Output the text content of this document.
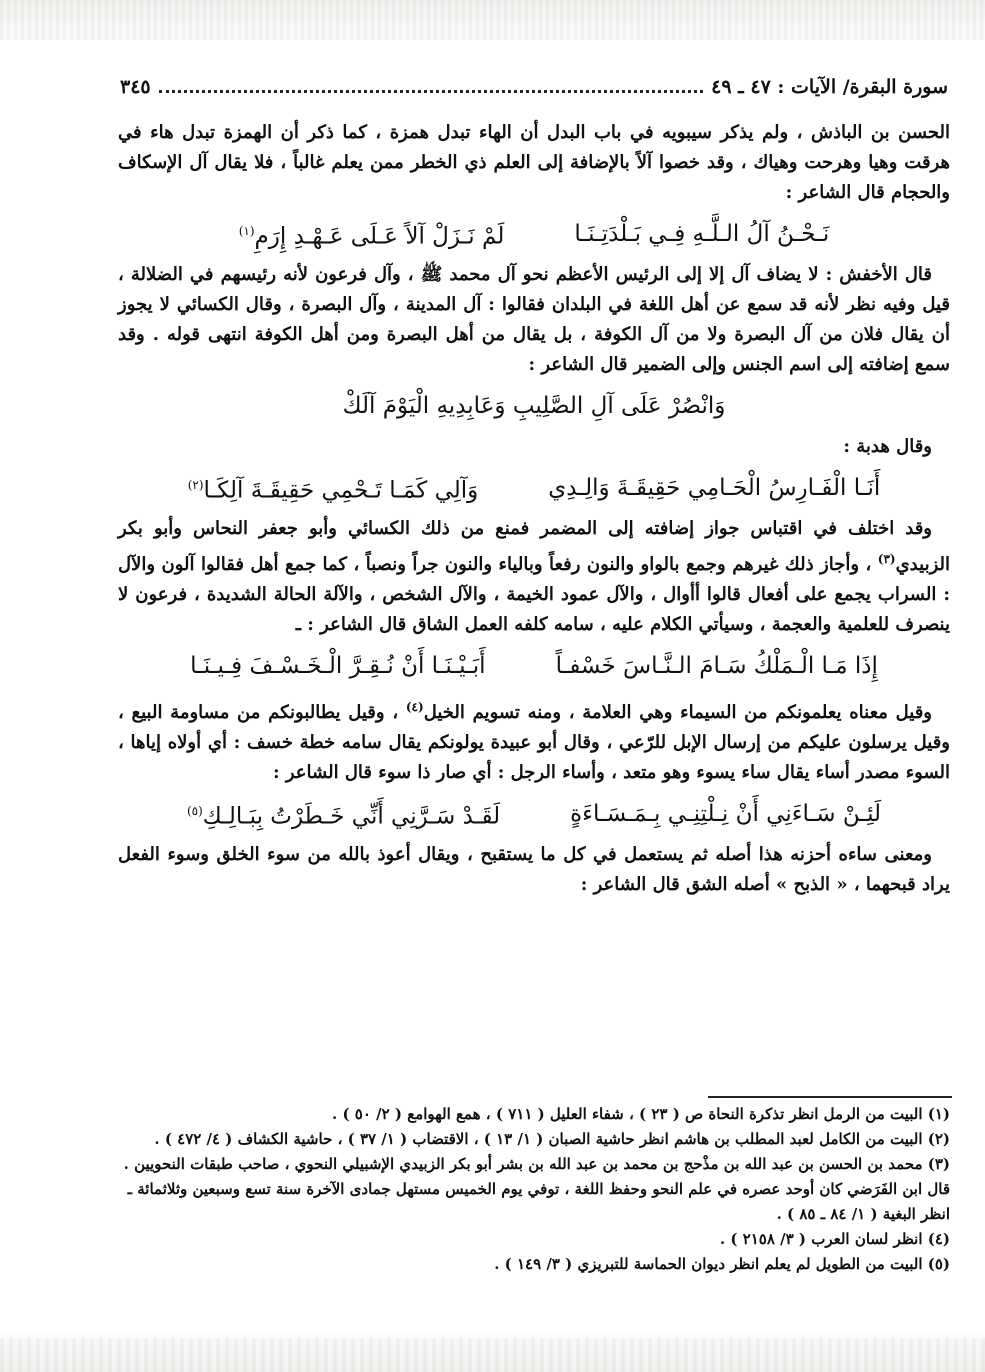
سورة البقرة/ الآيات : ٤٧ ـ ٤٩
٣٤٥

الحسن بن الباذش ، ولم يذكر سيبويه في باب البدل أن الهاء تبدل همزة ، كما ذكر أن الهمزة تبدل هاء في هرقت وهيا وهرحت وهياك ، وقد خصوا آلاً بالإضافة إلى العلم ذي الخطر ممن يعلم غالباً ، فلا يقال آل الإسكاف والحجام قال الشاعر :

نَـحْـنُ آلُ الـلَّـهِ فِـي بَـلْدَتِـنَـا
لَمْ نَـزَلْ آلاً عَـلَى عَـهْـدِ إِرَمِ$^{(١)}$

قال الأخفش : لا يضاف آل إلا إلى الرئيس الأعظم نحو آل محمد ﷺ ، وآل فرعون لأنه رئيسهم في الضلالة ، قيل وفيه نظر لأنه قد سمع عن أهل اللغة في البلدان فقالوا : آل المدينة ، وآل البصرة ، وقال الكسائي لا يجوز أن يقال فلان من آل البصرة ولا من آل الكوفة ، بل يقال من أهل البصرة ومن أهل الكوفة انتهى قوله . وقد سمع إضافته إلى اسم الجنس وإلى الضمير قال الشاعر :

وَانْصُرْ عَلَى آلِ الصَّلِيبِ وَعَابِدِيهِ الْيَوْمَ آلَكْ

وقال هدبة :

أَنَـا الْفَـارِسُ الْحَـامِي حَقِيقَـةَ وَالِـدِي
وَآلِي كَمَـا تَـحْمِي حَقِيقَـةَ آلِكَـا$^{(٢)}$

وقد اختلف في اقتباس جواز إضافته إلى المضمر فمنع من ذلك الكسائي وأبو جعفر النحاس وأبو بكر الزبيدي$^{(٣)}$ ، وأجاز ذلك غيرهم وجمع بالواو والنون رفعاً وبالياء والنون جراً ونصباً ، كما جمع أهل فقالوا آلون والآل : السراب يجمع على أفعال قالوا أأوال ، والآل عمود الخيمة ، والآل الشخص ، والآلة الحالة الشديدة ، فرعون لا ينصرف للعلمية والعجمة ، وسيأتي الكلام عليه ، سامه كلفه العمل الشاق قال الشاعر : ـ

إِذَا مَـا الْـمَلْكُ سَـامَ الـنَّـاسَ خَسْفـاً
أَبَـيْـنَـا أَنْ نُـقِـرَّ الْـخَـسْـفَ فِـيـنَـا

وقيل معناه يعلمونكم من السيماء وهي العلامة ، ومنه تسويم الخيل$^{(٤)}$ ، وقيل يطالبونكم من مساومة البيع ، وقيل يرسلون عليكم من إرسال الإبل للرّعي ، وقال أبو عبيدة يولونكم يقال سامه خطة خسف : أي أولاه إياها ، السوء مصدر أساء يقال ساء يسوء وهو متعد ، وأساء الرجل : أي صار ذا سوء قال الشاعر :

لَئِـنْ سَـاءَنِي أَنْ نِـلْتِنِـي بِـمَـسَـاءَةٍ
لَقَـدْ سَـرَّنِي أَنِّي خَـطَرْتُ بِبَـالِـكِ$^{(٥)}$

ومعنى ساءه أحزنه هذا أصله ثم يستعمل في كل ما يستقبح ، ويقال أعوذ بالله من سوء الخلق وسوء الفعل يراد قبحهما ، « الذبح » أصله الشق قال الشاعر :

(١) البيت من الرمل انظر تذكرة النحاة ص ( ٢٣ ) ، شفاء العليل ( ٧١١ ) ، همع الهوامع ( ٢/ ٥٠ ) .

(٢) البيت من الكامل لعبد المطلب بن هاشم انظر حاشية الصبان ( ١/ ١٣ ) ، الاقتضاب ( ١/ ٣٧ ) ، حاشية الكشاف ( ٤/ ٤٧٢ ) .

(٣) محمد بن الحسن بن عبد الله بن مذْحج بن محمد بن عبد الله بن بشر أبو بكر الزبيدي الإشبيلي النحوي ، صاحب طبقات النحويين . قال ابن الفَرَضي كان أوحد عصره في علم النحو وحفظ اللغة ، توفي يوم الخميس مستهل جمادى الآخرة سنة تسع وسبعين وثلاثمائة ـ انظر البغية ( ١/ ٨٤ ـ ٨٥ ) .

(٤) انظر لسان العرب ( ٣/ ٢١٥٨ ) .

(٥) البيت من الطويل لم يعلم انظر ديوان الحماسة للتبريزي ( ٣/ ١٤٩ ) .
